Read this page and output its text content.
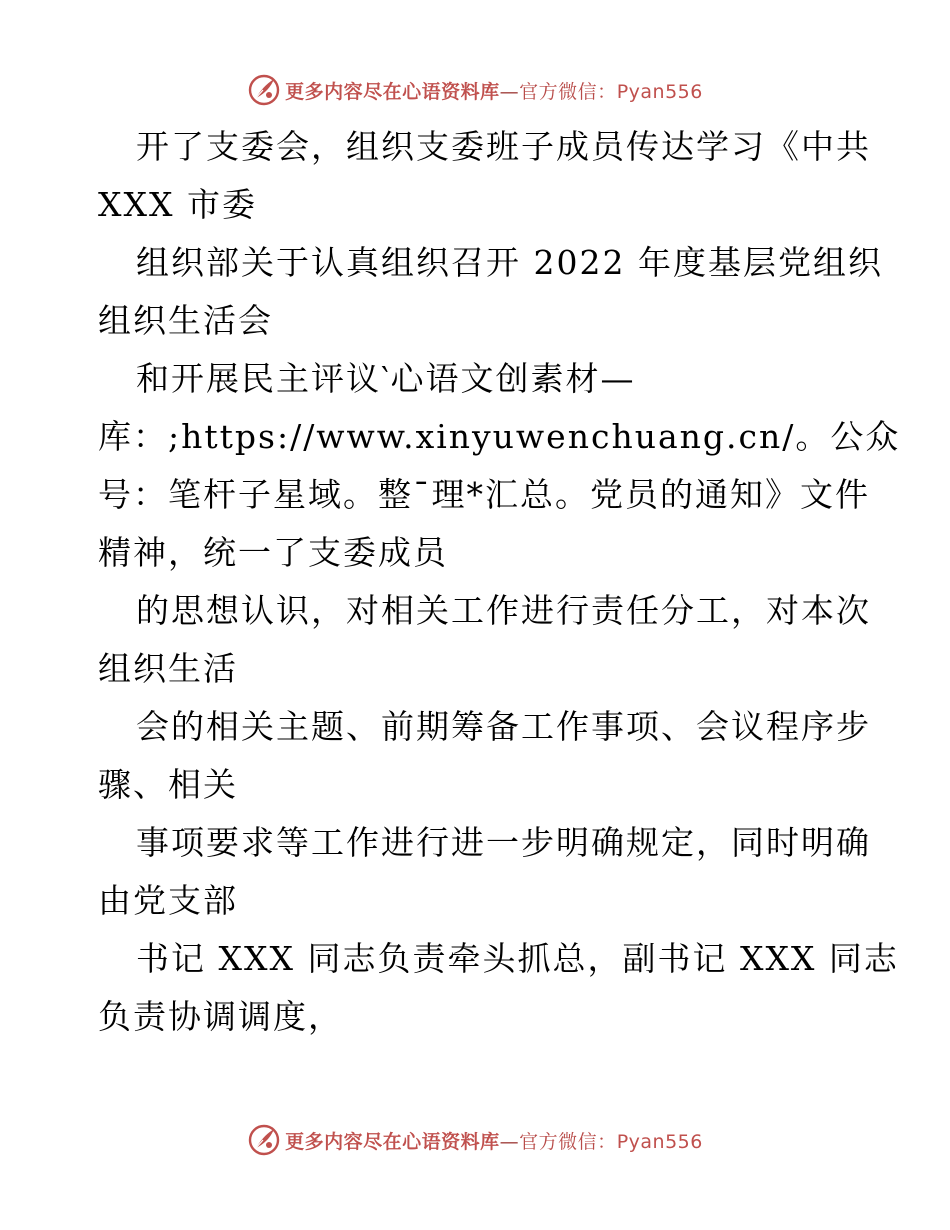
更多内容尽在心语资料库—官方微信：Pyan556
开了支委会，组织支委班子成员传达学习《中共
XXX 市委
组织部关于认真组织召开 2022 年度基层党组织
组织生活会
和开展民主评议‵心语文创素材—
库：;https://www.xinyuwenchuang.cn/。公众
号：笔杆子星域。整¯理*汇总。党员的通知》文件
精神，统一了支委成员
的思想认识，对相关工作进行责任分工，对本次
组织生活
会的相关主题、前期筹备工作事项、会议程序步
骤、相关
事项要求等工作进行进一步明确规定，同时明确
由党支部
书记 XXX 同志负责牵头抓总，副书记 XXX 同志
负责协调调度，
更多内容尽在心语资料库—官方微信：Pyan556
